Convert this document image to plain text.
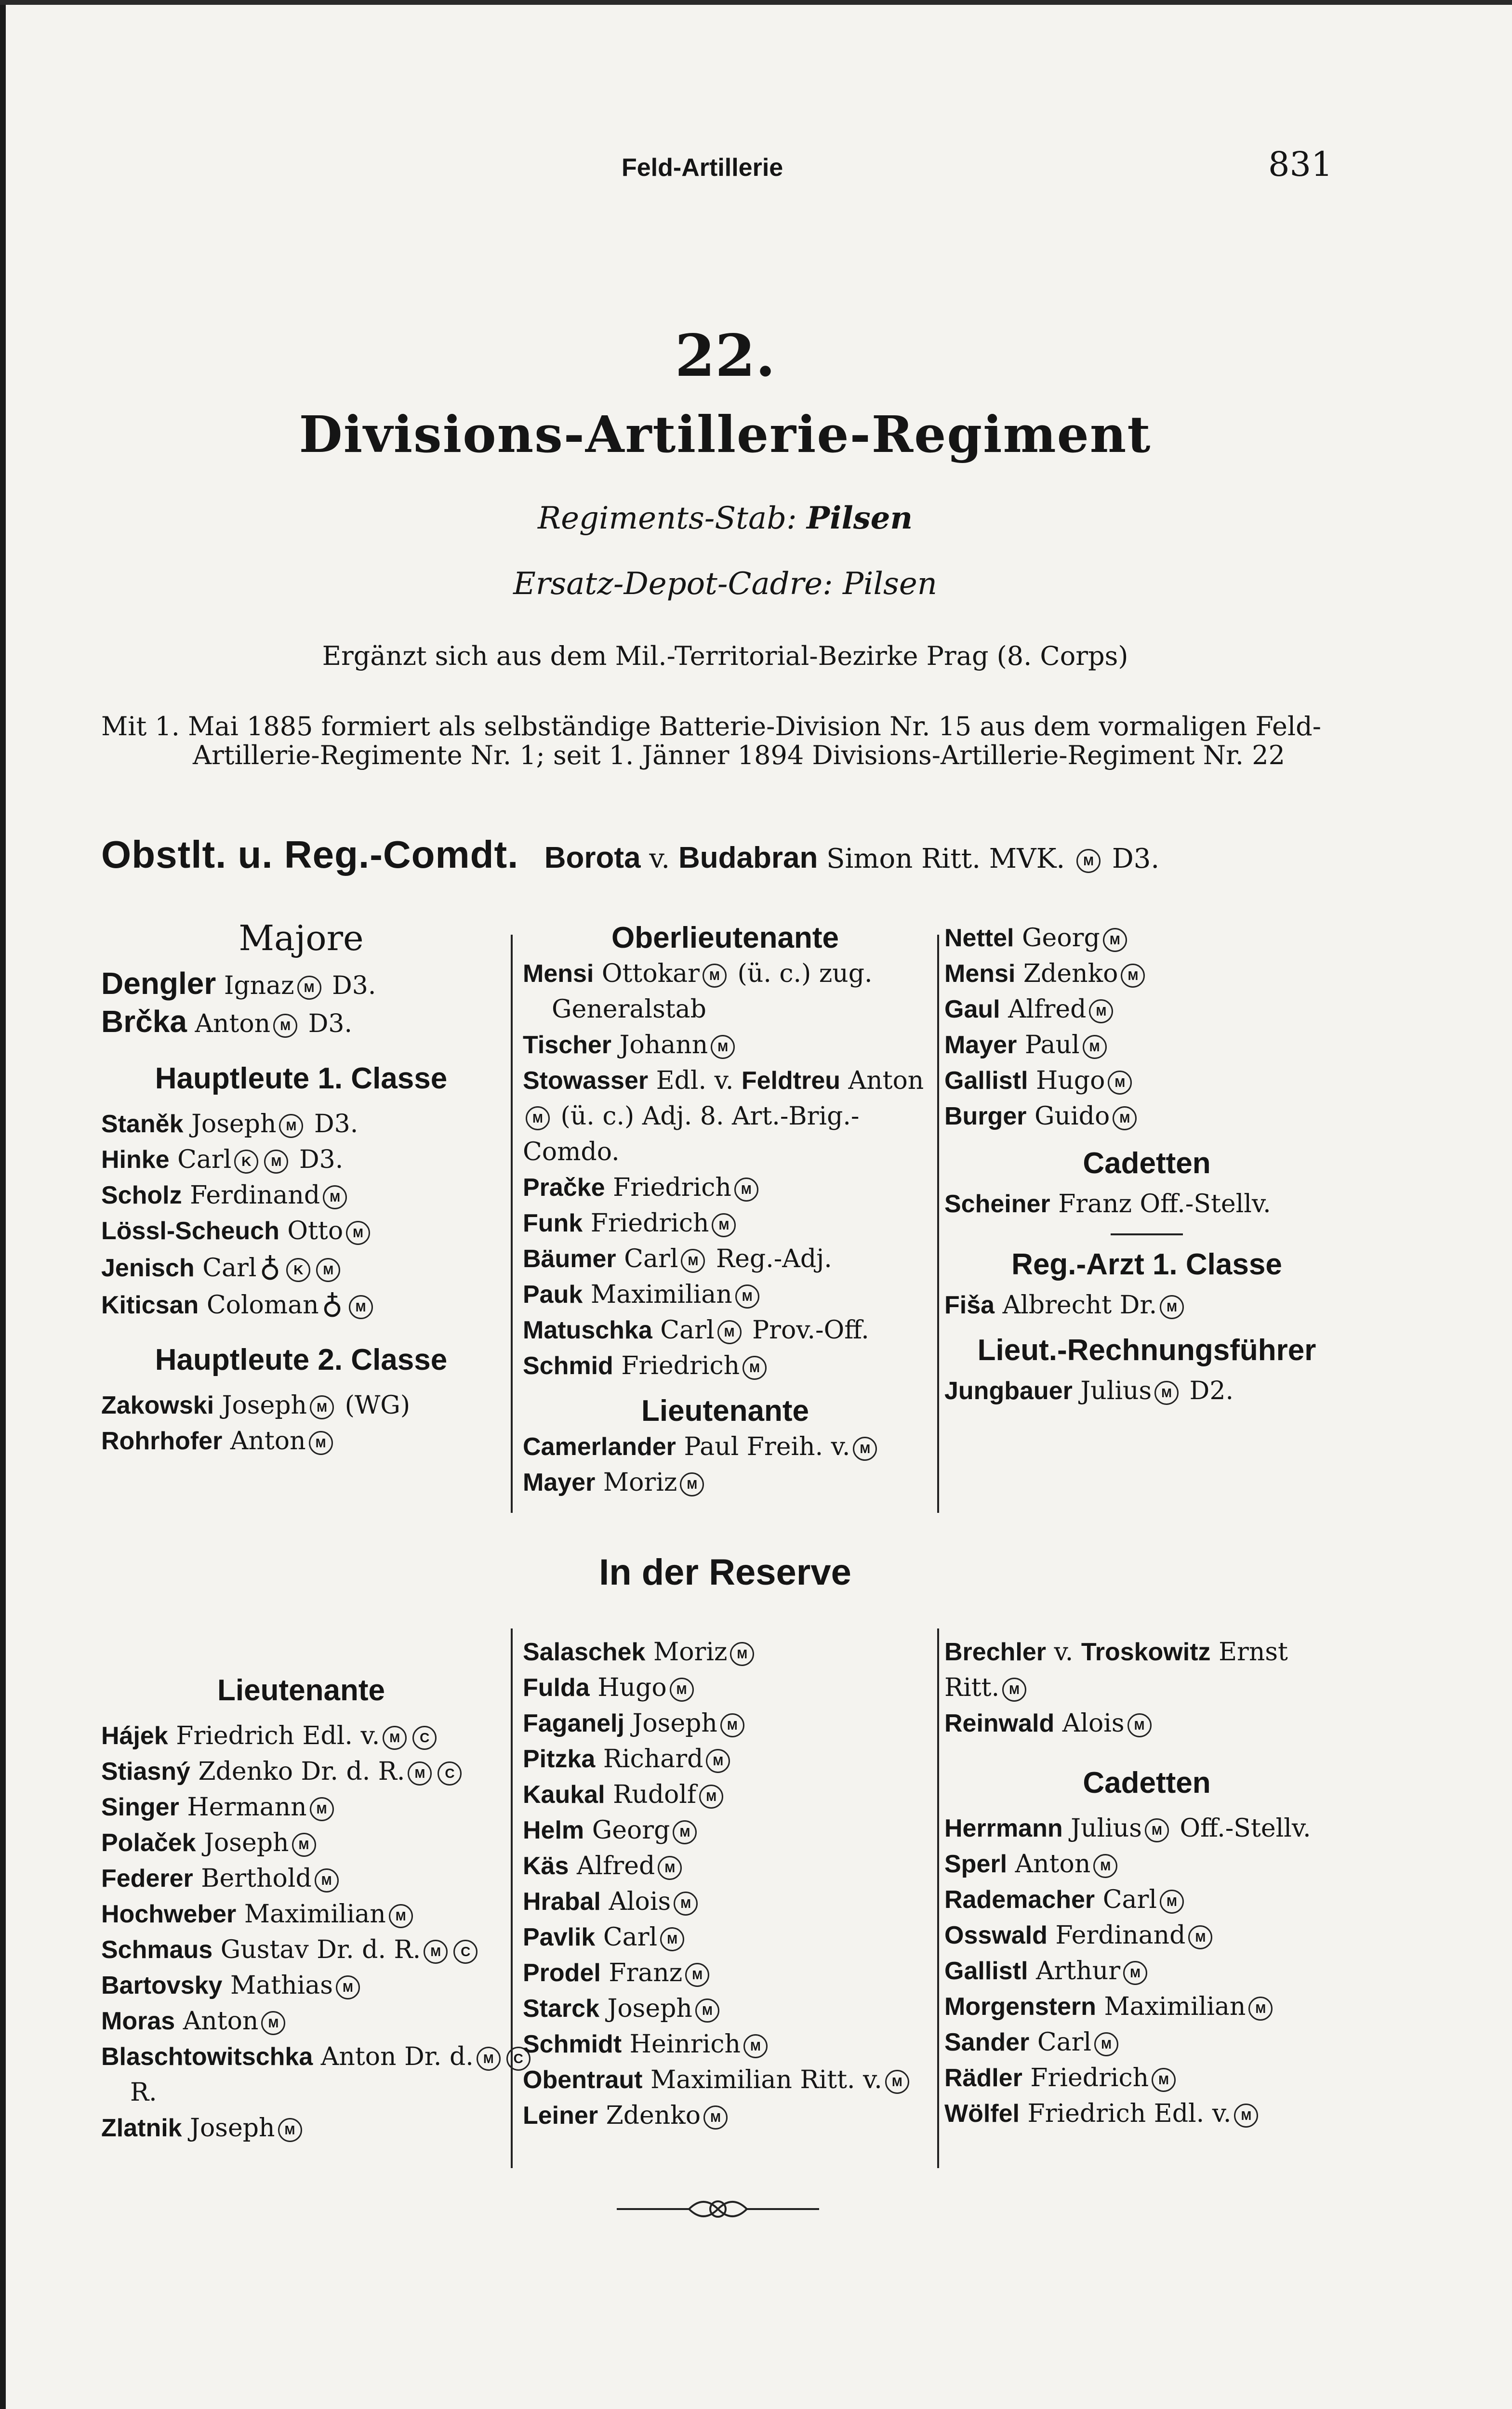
Feld-Artillerie	831
22.
Divisions-Artillerie-Regiment
Regiments-Stab: Pilsen
Ersatz-Depot-Cadre: Pilsen
Ergänzt sich aus dem Mil.-Territorial-Bezirke Prag (8. Corps)
Mit 1. Mai 1885 formiert als selbständige Batterie-Division Nr. 15 aus dem vormaligen Feld-
Artillerie-Regimente Nr. 1; seit 1. Jänner 1894 Divisions-Artillerie-Regiment Nr. 22
Obstlt. u. Reg.-Comdt. Borota v. Budabran Simon Ritt. MVK. M D3.
Majore
Dengler Ignaz M D3.
Brčka Anton M D3.
Hauptleute 1. Classe
Staněk Joseph M D3.
Hinke Carl K M D3.
Scholz Ferdinand M
Lössl-Scheuch Otto M
Jenisch Carl ♁ K M
Kiticsan Coloman ♁ M
Hauptleute 2. Classe
Zakowski Joseph M (WG)
Rohrhofer Anton M
Oberlieutenante
Mensi Ottokar M (ü. c.) zug.
Generalstab
Tischer Johann M
Stowasser Edl. v. Feldtreu AntonM (ü. c.) Adj. 8. Art.-Brig.-Comdo.
Pračke Friedrich M
Funk Friedrich M
Bäumer Carl M Reg.-Adj.
Pauk Maximilian M
Matuschka Carl M Prov.-Off.
Schmid Friedrich M
Lieutenante
Camerlander Paul Freih. v. M
Mayer Moriz M
Nettel Georg M
Mensi Zdenko M
Gaul Alfred M
Mayer Paul M
Gallistl Hugo M
Burger Guido M
Cadetten
Scheiner Franz Off.-Stellv.
Reg.-Arzt 1. Classe
Fiša Albrecht Dr. M
Lieut.-Rechnungsführer
Jungbauer Julius M D2.
In der Reserve
Lieutenante
Hájek Friedrich Edl. v. M C
Stiasný Zdenko Dr. d. R. M C
Singer Hermann M
Polaček Joseph M
Federer Berthold M
Hochweber Maximilian M
Schmaus Gustav Dr. d. R. M C
Bartovsky Mathias M
Moras Anton M
Blaschtowitschka Anton Dr. d. M C
R.
Zlatnik Joseph M
Salaschek Moriz M
Fulda Hugo M
Faganelj Joseph M
Pitzka Richard M
Kaukal Rudolf M
Helm Georg M
Käs Alfred M
Hrabal Alois M
Pavlik Carl M
Prodel Franz M
Starck Joseph M
Schmidt Heinrich M
Obentraut Maximilian Ritt. v. M
Leiner Zdenko M
Brechler v. Troskowitz Ernst Ritt. M
Reinwald Alois M
Cadetten
Herrmann Julius M Off.-Stellv.
Sperl Anton M
Rademacher Carl M
Osswald Ferdinand M
Gallistl Arthur M
Morgenstern Maximilian M
Sander Carl M
Rädler Friedrich M
Wölfel Friedrich Edl. v. M
